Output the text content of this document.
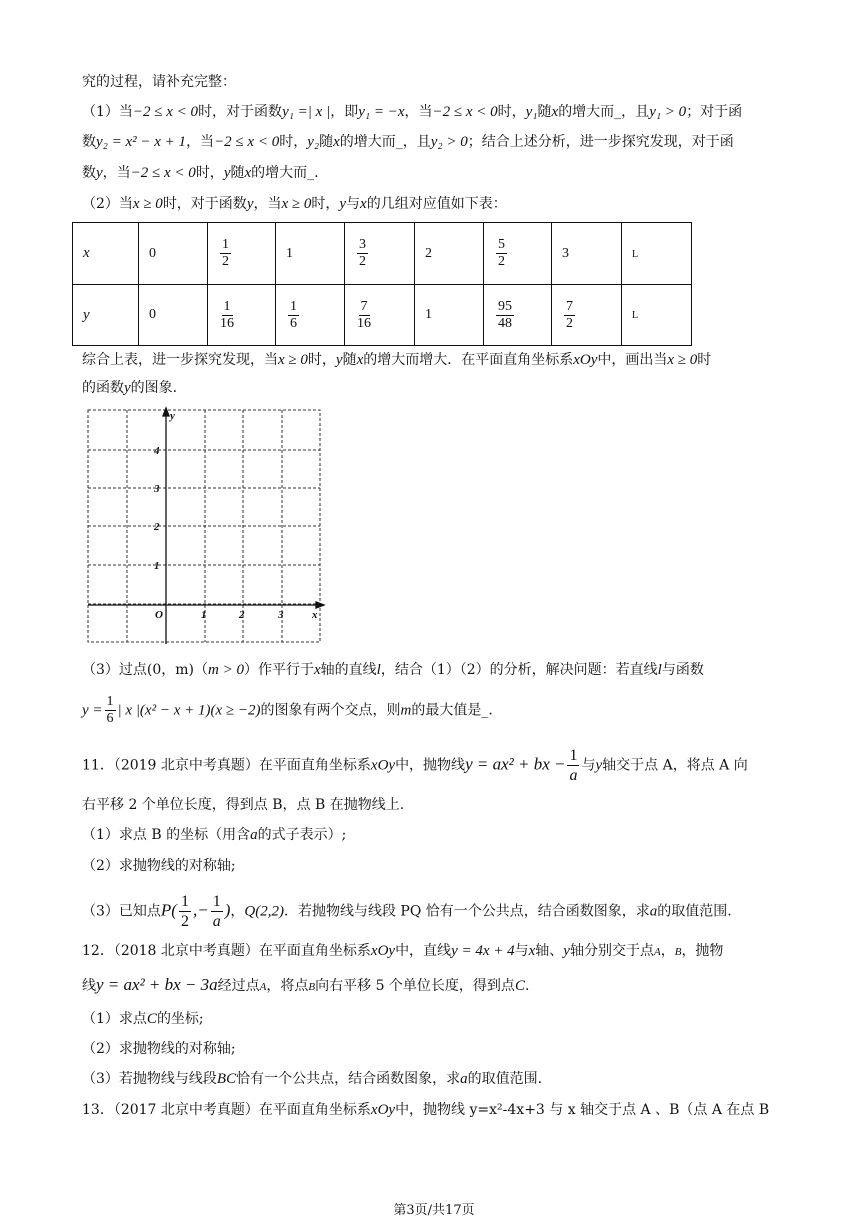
究的过程，请补充完整：
（1）当−2 ≤ x < 0时，对于函数y₁ =| x |，即y₁ = −x，当−2 ≤ x < 0时，y₁随x的增大而_，且y₁ > 0；对于函
数y₂ = x² − x + 1，当−2 ≤ x < 0时，y₂随x的增大而_，且y₂ > 0；结合上述分析，进一步探究发现，对于函
数y，当−2 ≤ x < 0时，y随x的增大而_.
（2）当x ≥ 0时，对于函数y，当x ≥ 0时，y与x的几组对应值如下表：
x	0	$\frac{1}{2}$	1	$\frac{3}{2}$	2	$\frac{5}{2}$	3	L
y	0	$\frac{1}{16}$	$\frac{1}{6}$	$\frac{7}{16}$	1	$\frac{95}{48}$	$\frac{7}{2}$	L
综合上表，进一步探究发现，当x ≥ 0时，y随x的增大而增大．在平面直角坐标系xOy中，画出当x ≥ 0时
的函数y的图象.
y
x
O
1
2
3
4
1	2	3
（3）过点(0，m)（m > 0）作平行于x轴的直线l，结合（1）（2）的分析，解决问题：若直线l与函数
$y = \frac{1}{6}$ | x |(x² − x + 1)(x ≥ −2)的图象有两个交点，则m的最大值是_.
11．（2019 北京中考真题）在平面直角坐标系xOy中，抛物线y = ax² + bx − $\frac{1}{a}$ 与y轴交于点 A，将点 A 向
右平移 2 个单位长度，得到点 B，点 B 在抛物线上.
（1）求点 B 的坐标（用含a的式子表示）;
（2）求抛物线的对称轴;
（3）已知点$P( \frac{1}{2}$ ,− $\frac{1}{a}$ )，Q(2,2)．若抛物线与线段 PQ 恰有一个公共点，结合函数图象，求a的取值范围.
12．（2018 北京中考真题）在平面直角坐标系xOy中，直线y = 4x + 4与x轴、y轴分别交于点A，B，抛物
线y = ax² + bx − 3a经过点A，将点B向右平移 5 个单位长度，得到点C.
（1）求点C的坐标;
（2）求抛物线的对称轴;
（3）若抛物线与线段BC恰有一个公共点，结合函数图象，求a的取值范围.
13．（2017 北京中考真题）在平面直角坐标系xOy中，抛物线 y=x²-4x+3 与 x 轴交于点 A 、B（点 A 在点 B
第3页/共17页
